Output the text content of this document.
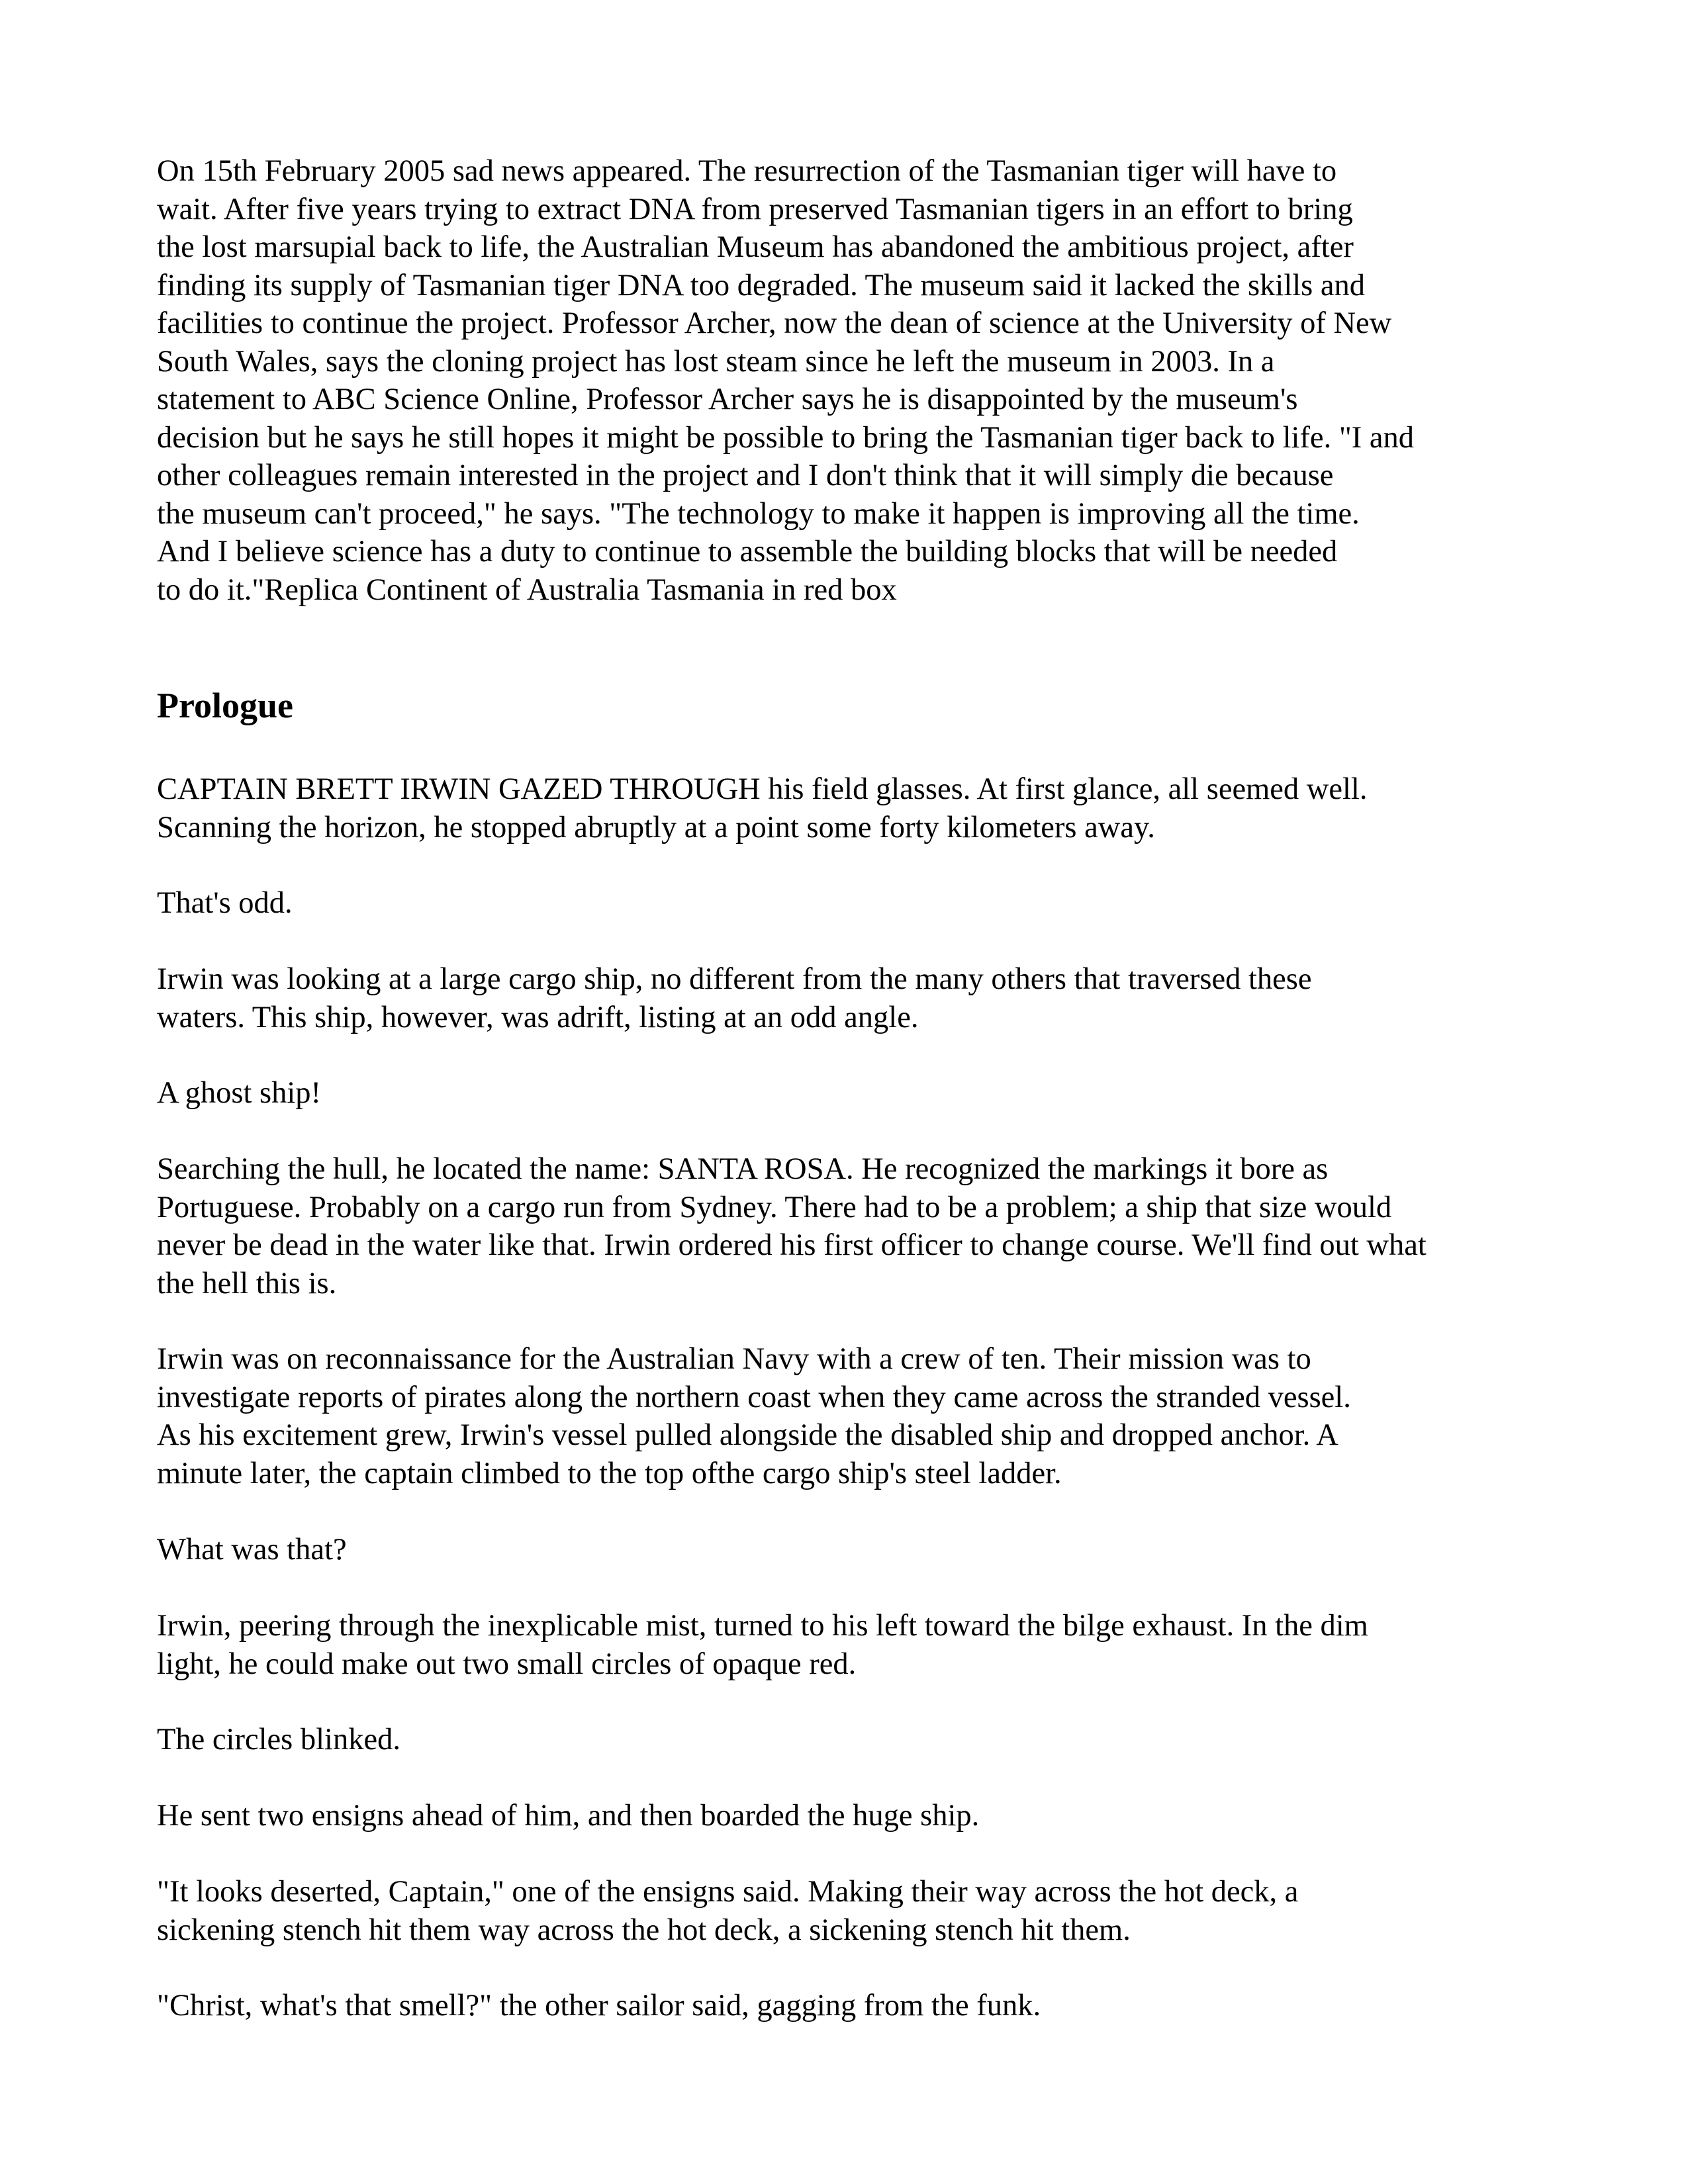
On 15th February 2005 sad news appeared. The resurrection of the Tasmanian tiger will have to
wait. After five years trying to extract DNA from preserved Tasmanian tigers in an effort to bring
the lost marsupial back to life, the Australian Museum has abandoned the ambitious project, after
finding its supply of Tasmanian tiger DNA too degraded. The museum said it lacked the skills and
facilities to continue the project. Professor Archer, now the dean of science at the University of New
South Wales, says the cloning project has lost steam since he left the museum in 2003. In a
statement to ABC Science Online, Professor Archer says he is disappointed by the museum's
decision but he says he still hopes it might be possible to bring the Tasmanian tiger back to life. "I and
other colleagues remain interested in the project and I don't think that it will simply die because
the museum can't proceed," he says. "The technology to make it happen is improving all the time.
And I believe science has a duty to continue to assemble the building blocks that will be needed
to do it."Replica Continent of Australia Tasmania in red box

Prologue

CAPTAIN BRETT IRWIN GAZED THROUGH his field glasses. At first glance, all seemed well.
Scanning the horizon, he stopped abruptly at a point some forty kilometers away.

That's odd.

Irwin was looking at a large cargo ship, no different from the many others that traversed these
waters. This ship, however, was adrift, listing at an odd angle.

A ghost ship!

Searching the hull, he located the name: SANTA ROSA. He recognized the markings it bore as
Portuguese. Probably on a cargo run from Sydney. There had to be a problem; a ship that size would
never be dead in the water like that. Irwin ordered his first officer to change course. We'll find out what
the hell this is.

Irwin was on reconnaissance for the Australian Navy with a crew of ten. Their mission was to
investigate reports of pirates along the northern coast when they came across the stranded vessel.
As his excitement grew, Irwin's vessel pulled alongside the disabled ship and dropped anchor. A
minute later, the captain climbed to the top ofthe cargo ship's steel ladder.

What was that?

Irwin, peering through the inexplicable mist, turned to his left toward the bilge exhaust. In the dim
light, he could make out two small circles of opaque red.

The circles blinked.

He sent two ensigns ahead of him, and then boarded the huge ship.

"It looks deserted, Captain," one of the ensigns said. Making their way across the hot deck, a
sickening stench hit them way across the hot deck, a sickening stench hit them.

"Christ, what's that smell?" the other sailor said, gagging from the funk.
